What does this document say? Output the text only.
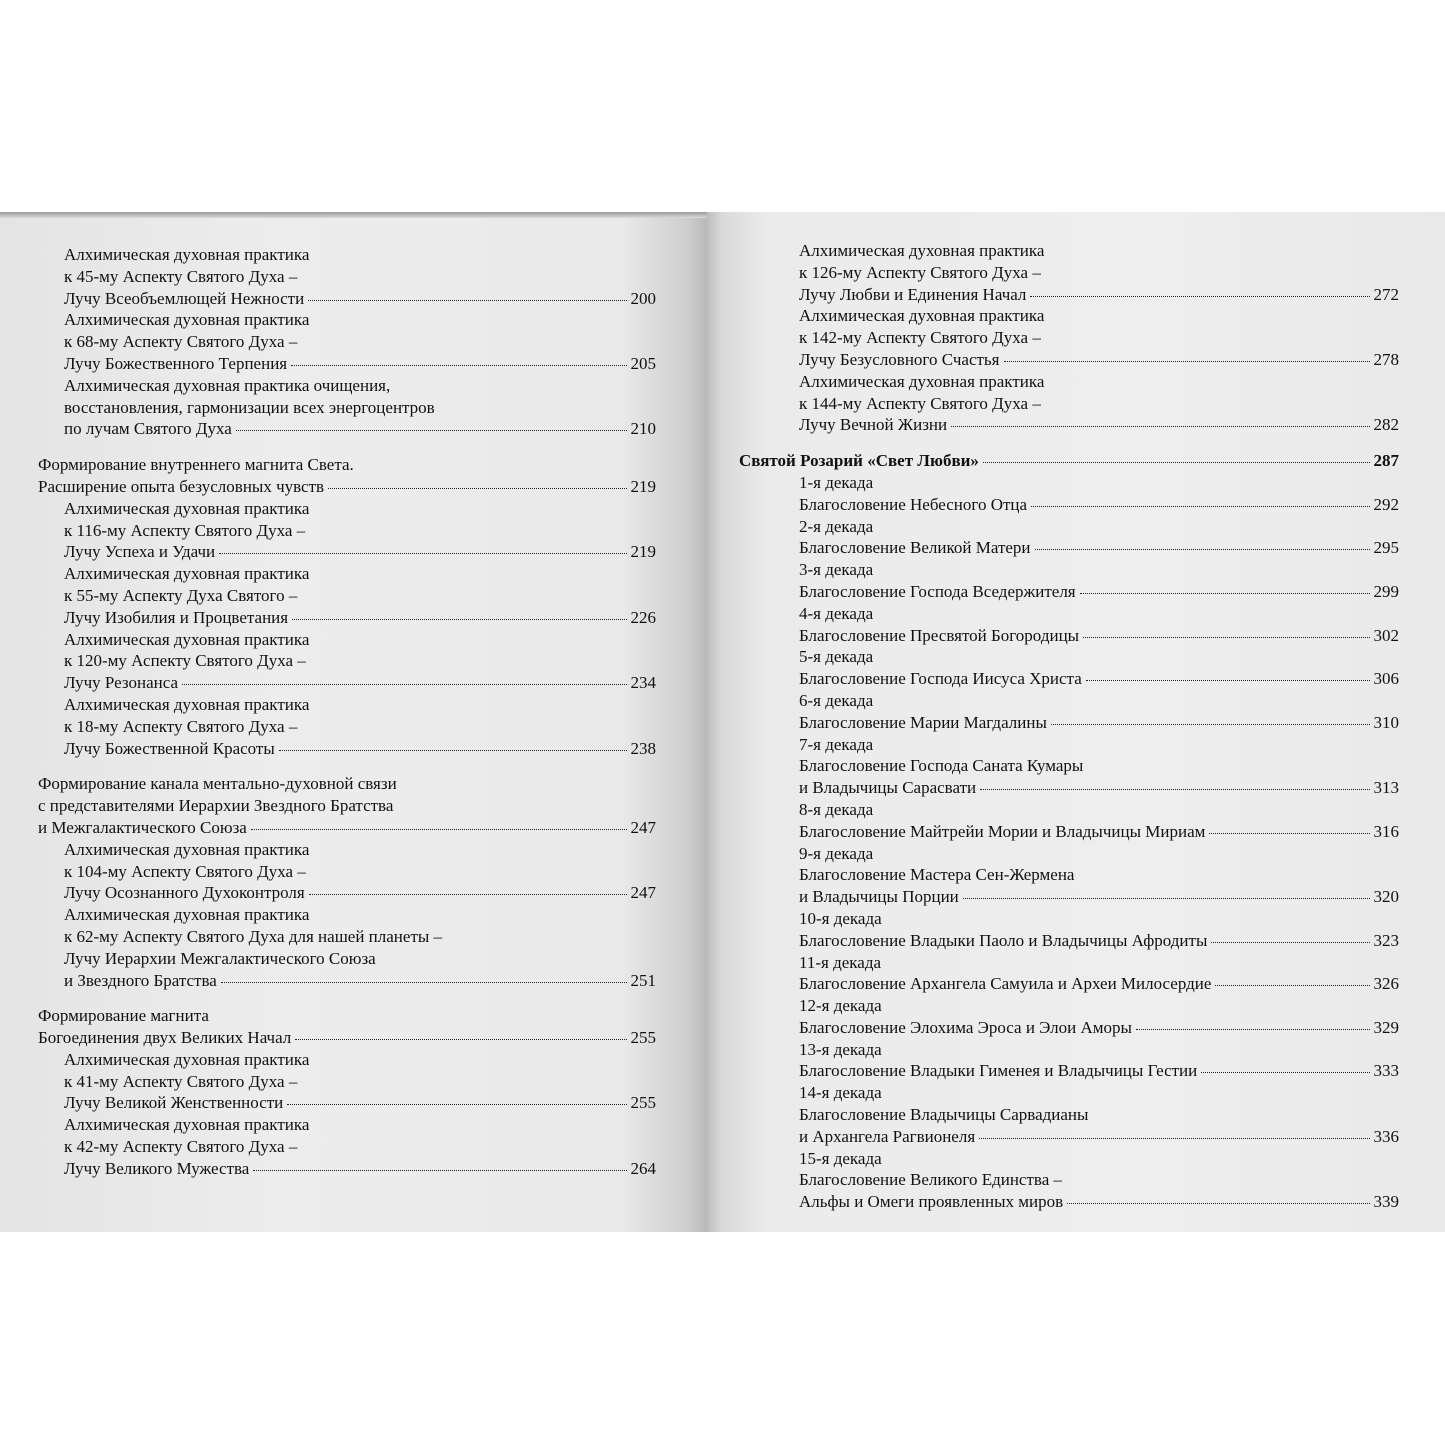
Алхимическая духовная практика
к 45-му Аспекту Святого Духа –
Лучу Всеобъемлющей Нежности	200
Алхимическая духовная практика
к 68-му Аспекту Святого Духа –
Лучу Божественного Терпения	205
Алхимическая духовная практика очищения,
восстановления, гармонизации всех энергоцентров
по лучам Святого Духа	210
Формирование внутреннего магнита Света.
Расширение опыта безусловных чувств	219
Алхимическая духовная практика
к 116-му Аспекту Святого Духа –
Лучу Успеха и Удачи	219
Алхимическая духовная практика
к 55-му Аспекту Духа Святого –
Лучу Изобилия и Процветания	226
Алхимическая духовная практика
к 120-му Аспекту Святого Духа –
Лучу Резонанса	234
Алхимическая духовная практика
к 18-му Аспекту Святого Духа –
Лучу Божественной Красоты	238
Формирование канала ментально-духовной связи
с представителями Иерархии Звездного Братства
и Межгалактического Союза	247
Алхимическая духовная практика
к 104-му Аспекту Святого Духа –
Лучу Осознанного Духоконтроля	247
Алхимическая духовная практика
к 62-му Аспекту Святого Духа для нашей планеты –
Лучу Иерархии Межгалактического Союза
и Звездного Братства	251
Формирование магнита
Богоединения двух Великих Начал	255
Алхимическая духовная практика
к 41-му Аспекту Святого Духа –
Лучу Великой Женственности	255
Алхимическая духовная практика
к 42-му Аспекту Святого Духа –
Лучу Великого Мужества	264
Алхимическая духовная практика
к 126-му Аспекту Святого Духа –
Лучу Любви и Единения Начал	272
Алхимическая духовная практика
к 142-му Аспекту Святого Духа –
Лучу Безусловного Счастья	278
Алхимическая духовная практика
к 144-му Аспекту Святого Духа –
Лучу Вечной Жизни	282
Святой Розарий «Свет Любви»	287
1-я декада
Благословение Небесного Отца	292
2-я декада
Благословение Великой Матери	295
3-я декада
Благословение Господа Вседержителя	299
4-я декада
Благословение Пресвятой Богородицы	302
5-я декада
Благословение Господа Иисуса Христа	306
6-я декада
Благословение Марии Магдалины	310
7-я декада
Благословение Господа Саната Кумары
и Владычицы Сарасвати	313
8-я декада
Благословение Майтрейи Мории и Владычицы Мириам	316
9-я декада
Благословение Мастера Сен-Жермена
и Владычицы Порции	320
10-я декада
Благословение Владыки Паоло и Владычицы Афродиты	323
11-я декада
Благословение Архангела Самуила и Археи Милосердие	326
12-я декада
Благословение Элохима Эроса и Элои Аморы	329
13-я декада
Благословение Владыки Гименея и Владычицы Гестии	333
14-я декада
Благословение Владычицы Сарвадианы
и Архангела Рагвионеля	336
15-я декада
Благословение Великого Единства –
Альфы и Омеги проявленных миров	339
